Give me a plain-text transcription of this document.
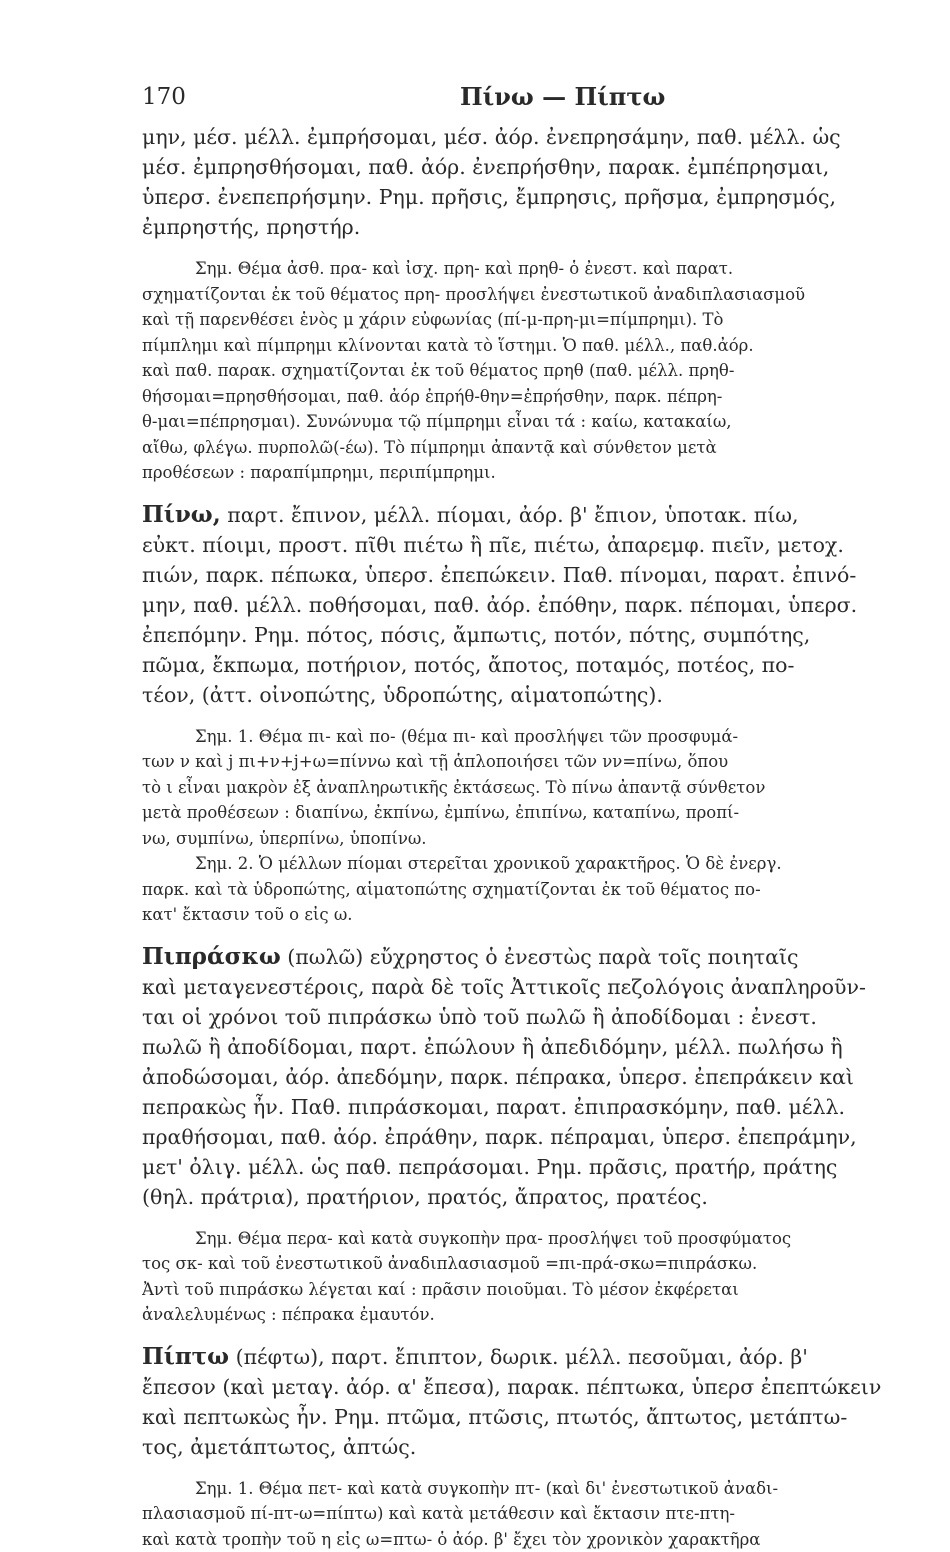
170	Πίνω — Πίπτω
μην, μέσ. μέλλ. ἐμπρήσομαι, μέσ. ἀόρ. ἐνεπρησάμην, παθ. μέλλ. ὡς
μέσ. ἐμπρησθήσομαι, παθ. ἀόρ. ἐνεπρήσθην, παρακ. ἐμπέπρησμαι,
ὑπερσ. ἐνεπεπρήσμην. Ρημ. πρῆσις, ἔμπρησις, πρῆσμα, ἐμπρησμός,
ἐμπρηστής, πρηστήρ.
Σημ. Θέμα ἀσθ. πρα- καὶ ἰσχ. πρη- καὶ πρηθ- ὁ ἐνεστ. καὶ παρατ.
σχηματίζονται ἐκ τοῦ θέματος πρη- προσλήψει ἐνεστωτικοῦ ἀναδιπλασιασμοῦ
καὶ τῇ παρενθέσει ἑνὸς μ χάριν εὐφωνίας (πί-μ-πρη-μι=πίμπρημι). Τὸ
πίμπλημι καὶ πίμπρημι κλίνονται κατὰ τὸ ἵστημι. Ὁ παθ. μέλλ., παθ.ἀόρ.
καὶ παθ. παρακ. σχηματίζονται ἐκ τοῦ θέματος πρηθ (παθ. μέλλ. πρηθ-
θήσομαι=πρησθήσομαι, παθ. ἀόρ ἐπρήθ-θην=ἐπρήσθην, παρκ. πέπρη-
θ-μαι=πέπρησμαι). Συνώνυμα τῷ πίμπρημι εἶναι τά : καίω, κατακαίω,
αἴθω, φλέγω. πυρπολῶ(-έω). Τὸ πίμπρημι ἀπαντᾷ καὶ σύνθετον μετὰ
προθέσεων : παραπίμπρημι, περιπίμπρημι.
Πίνω, παρτ. ἔπινον, μέλλ. πίομαι, ἀόρ. β' ἔπιον, ὑποτακ. πίω,
εὐκτ. πίοιμι, προστ. πῖθι πιέτω ἢ πῖε, πιέτω, ἀπαρεμφ. πιεῖν, μετοχ.
πιών, παρκ. πέπωκα, ὑπερσ. ἐπεπώκειν. Παθ. πίνομαι, παρατ. ἐπινό-
μην, παθ. μέλλ. ποθήσομαι, παθ. ἀόρ. ἐπόθην, παρκ. πέπομαι, ὑπερσ.
ἐπεπόμην. Ρημ. πότος, πόσις, ἄμπωτις, ποτόν, πότης, συμπότης,
πῶμα, ἔκπωμα, ποτήριον, ποτός, ἄποτος, ποταμός, ποτέος, πο-
τέον, (ἀττ. οἰνοπώτης, ὑδροπώτης, αἱματοπώτης).
Σημ. 1. Θέμα πι- καὶ πο- (θέμα πι- καὶ προσλήψει τῶν προσφυμά-
των ν καὶ j πι+ν+j+ω=πίννω καὶ τῇ ἁπλοποιήσει τῶν νν=πίνω, ὅπου
τὸ ι εἶναι μακρὸν ἐξ ἀναπληρωτικῆς ἐκτάσεως. Τὸ πίνω ἀπαντᾷ σύνθετον
μετὰ προθέσεων : διαπίνω, ἐκπίνω, ἐμπίνω, ἐπιπίνω, καταπίνω, προπί-
νω, συμπίνω, ὑπερπίνω, ὑποπίνω.
Σημ. 2. Ὁ μέλλων πίομαι στερεῖται χρονικοῦ χαρακτῆρος. Ὁ δὲ ἐνεργ.
παρκ. καὶ τὰ ὑδροπώτης, αἱματοπώτης σχηματίζονται ἐκ τοῦ θέματος πο-
κατ' ἔκτασιν τοῦ ο εἰς ω.
Πιπράσκω (πωλῶ) εὔχρηστος ὁ ἐνεστὼς παρὰ τοῖς ποιηταῖς
καὶ μεταγενεστέροις, παρὰ δὲ τοῖς Ἀττικοῖς πεζολόγοις ἀναπληροῦν-
ται οἱ χρόνοι τοῦ πιπράσκω ὑπὸ τοῦ πωλῶ ἢ ἀποδίδομαι : ἐνεστ.
πωλῶ ἢ ἀποδίδομαι, παρτ. ἐπώλουν ἢ ἀπεδιδόμην, μέλλ. πωλήσω ἢ
ἀποδώσομαι, ἀόρ. ἀπεδόμην, παρκ. πέπρακα, ὑπερσ. ἐπεπράκειν καὶ
πεπρακὼς ἦν. Παθ. πιπράσκομαι, παρατ. ἐπιπρασκόμην, παθ. μέλλ.
πραθήσομαι, παθ. ἀόρ. ἐπράθην, παρκ. πέπραμαι, ὑπερσ. ἐπεπράμην,
μετ' ὀλιγ. μέλλ. ὡς παθ. πεπράσομαι. Ρημ. πρᾶσις, πρατήρ, πράτης
(θηλ. πράτρια), πρατήριον, πρατός, ἄπρατος, πρατέος.
Σημ. Θέμα περα- καὶ κατὰ συγκοπὴν πρα- προσλήψει τοῦ προσφύματος
τος σκ- καὶ τοῦ ἐνεστωτικοῦ ἀναδιπλασιασμοῦ =πι-πρά-σκω=πιπράσκω.
Ἀντὶ τοῦ πιπράσκω λέγεται καί : πρᾶσιν ποιοῦμαι. Τὸ μέσον ἐκφέρεται
ἀναλελυμένως : πέπρακα ἐμαυτόν.
Πίπτω (πέφτω), παρτ. ἔπιπτον, δωρικ. μέλλ. πεσοῦμαι, ἀόρ. β'
ἔπεσον (καὶ μεταγ. ἀόρ. α' ἔπεσα), παρακ. πέπτωκα, ὑπερσ ἐπεπτώκειν
καὶ πεπτωκὼς ἦν. Ρημ. πτῶμα, πτῶσις, πτωτός, ἄπτωτος, μετάπτω-
τος, ἀμετάπτωτος, ἀπτώς.
Σημ. 1. Θέμα πετ- καὶ κατὰ συγκοπὴν πτ- (καὶ δι' ἐνεστωτικοῦ ἀναδι-
πλασιασμοῦ πί-πτ-ω=πίπτω) καὶ κατὰ μετάθεσιν καὶ ἔκτασιν πτε-πτη-
καὶ κατὰ τροπὴν τοῦ η εἰς ω=πτω- ὁ ἀόρ. β' ἔχει τὸν χρονικὸν χαρακτῆρα
